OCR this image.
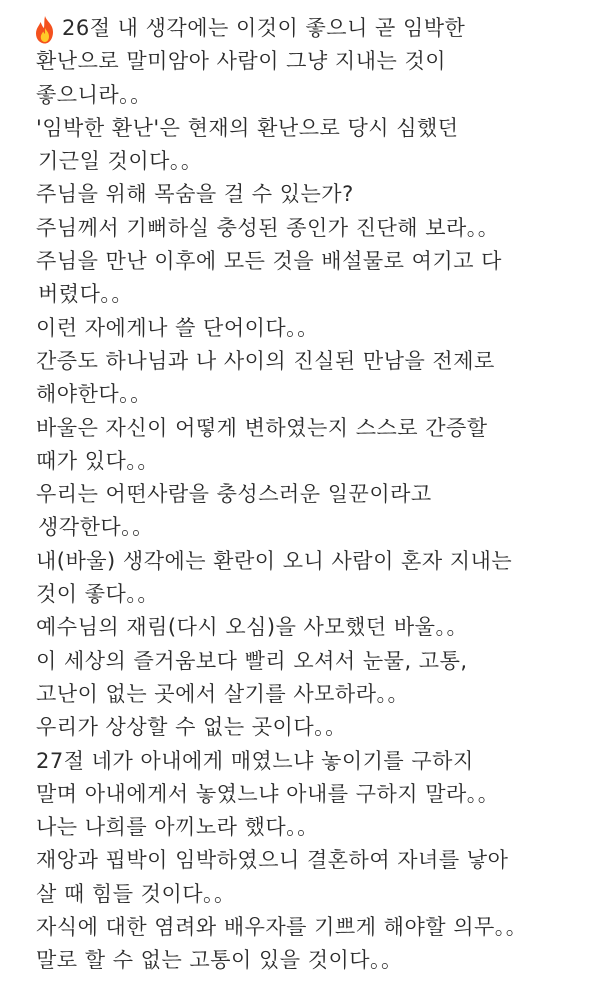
26절 내 생각에는 이것이 좋으니 곧 임박한
환난으로 말미암아 사람이 그냥 지내는 것이
좋으니라。。
'임박한 환난'은 현재의 환난으로 당시 심했던
기근일 것이다。。
주님을 위해 목숨을 걸 수 있는가?
주님께서 기뻐하실 충성된 종인가 진단해 보라。。
주님을 만난 이후에 모든 것을 배설물로 여기고 다
버렸다。。
이런 자에게나 쓸 단어이다。。
간증도 하나님과 나 사이의 진실된 만남을 전제로
해야한다。。
바울은 자신이 어떻게 변하였는지 스스로 간증할
때가 있다。。
우리는 어떤사람을 충성스러운 일꾼이라고
생각한다。。
내(바울) 생각에는 환란이 오니 사람이 혼자 지내는
것이 좋다。。
예수님의 재림(다시 오심)을 사모했던 바울。。
이 세상의 즐거움보다 빨리 오셔서 눈물, 고통,
고난이 없는 곳에서 살기를 사모하라。。
우리가 상상할 수 없는 곳이다。。
27절 네가 아내에게 매였느냐 놓이기를 구하지
말며 아내에게서 놓였느냐 아내를 구하지 말라。。
나는 나희를 아끼노라 했다。。
재앙과 핍박이 임박하였으니 결혼하여 자녀를 낳아
살 때 힘들 것이다。。
자식에 대한 염려와 배우자를 기쁘게 해야할 의무。。
말로 할 수 없는 고통이 있을 것이다。。
